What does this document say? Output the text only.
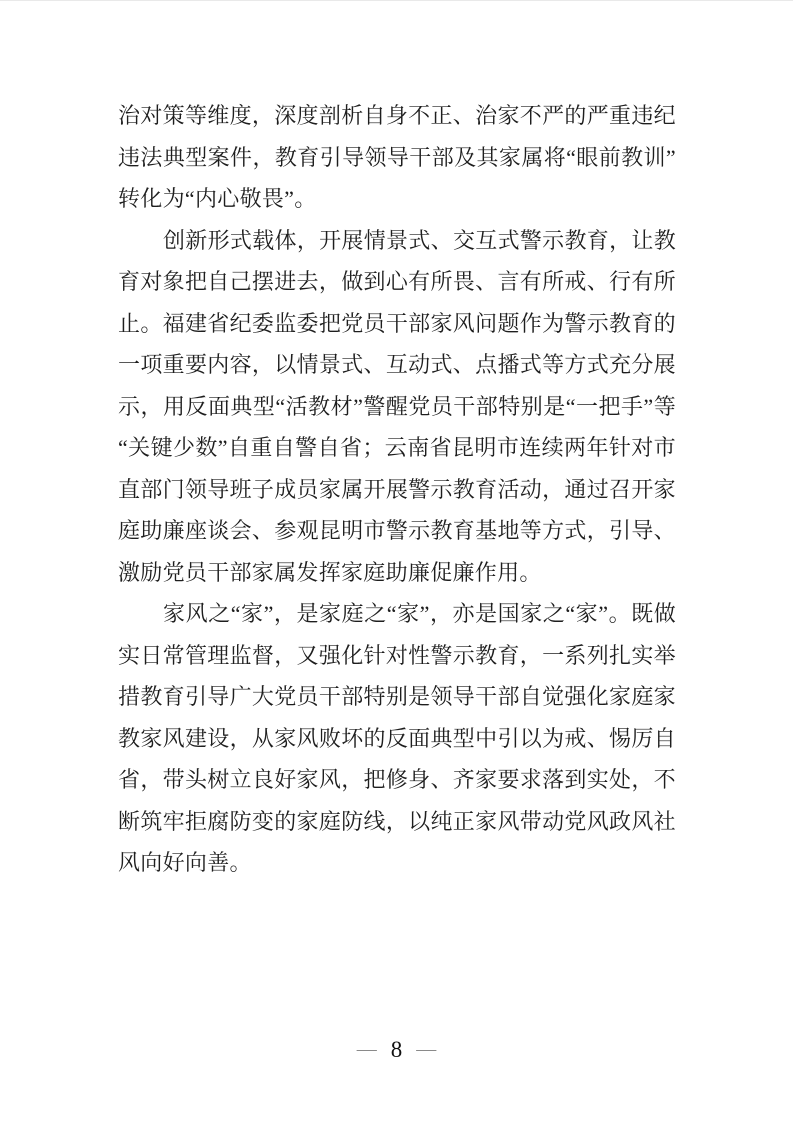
治对策等维度，深度剖析自身不正、治家不严的严重违纪违法典型案件，教育引导领导干部及其家属将“眼前教训”转化为“内心敬畏”。

创新形式载体，开展情景式、交互式警示教育，让教育对象把自己摆进去，做到心有所畏、言有所戒、行有所止。福建省纪委监委把党员干部家风问题作为警示教育的一项重要内容，以情景式、互动式、点播式等方式充分展示，用反面典型“活教材”警醒党员干部特别是“一把手”等“关键少数”自重自警自省；云南省昆明市连续两年针对市直部门领导班子成员家属开展警示教育活动，通过召开家庭助廉座谈会、参观昆明市警示教育基地等方式，引导、激励党员干部家属发挥家庭助廉促廉作用。

家风之“家”，是家庭之“家”，亦是国家之“家”。既做实日常管理监督，又强化针对性警示教育，一系列扎实举措教育引导广大党员干部特别是领导干部自觉强化家庭家教家风建设，从家风败坏的反面典型中引以为戒、惕厉自省，带头树立良好家风，把修身、齐家要求落到实处，不断筑牢拒腐防变的家庭防线，以纯正家风带动党风政风社风向好向善。

— 8 —
